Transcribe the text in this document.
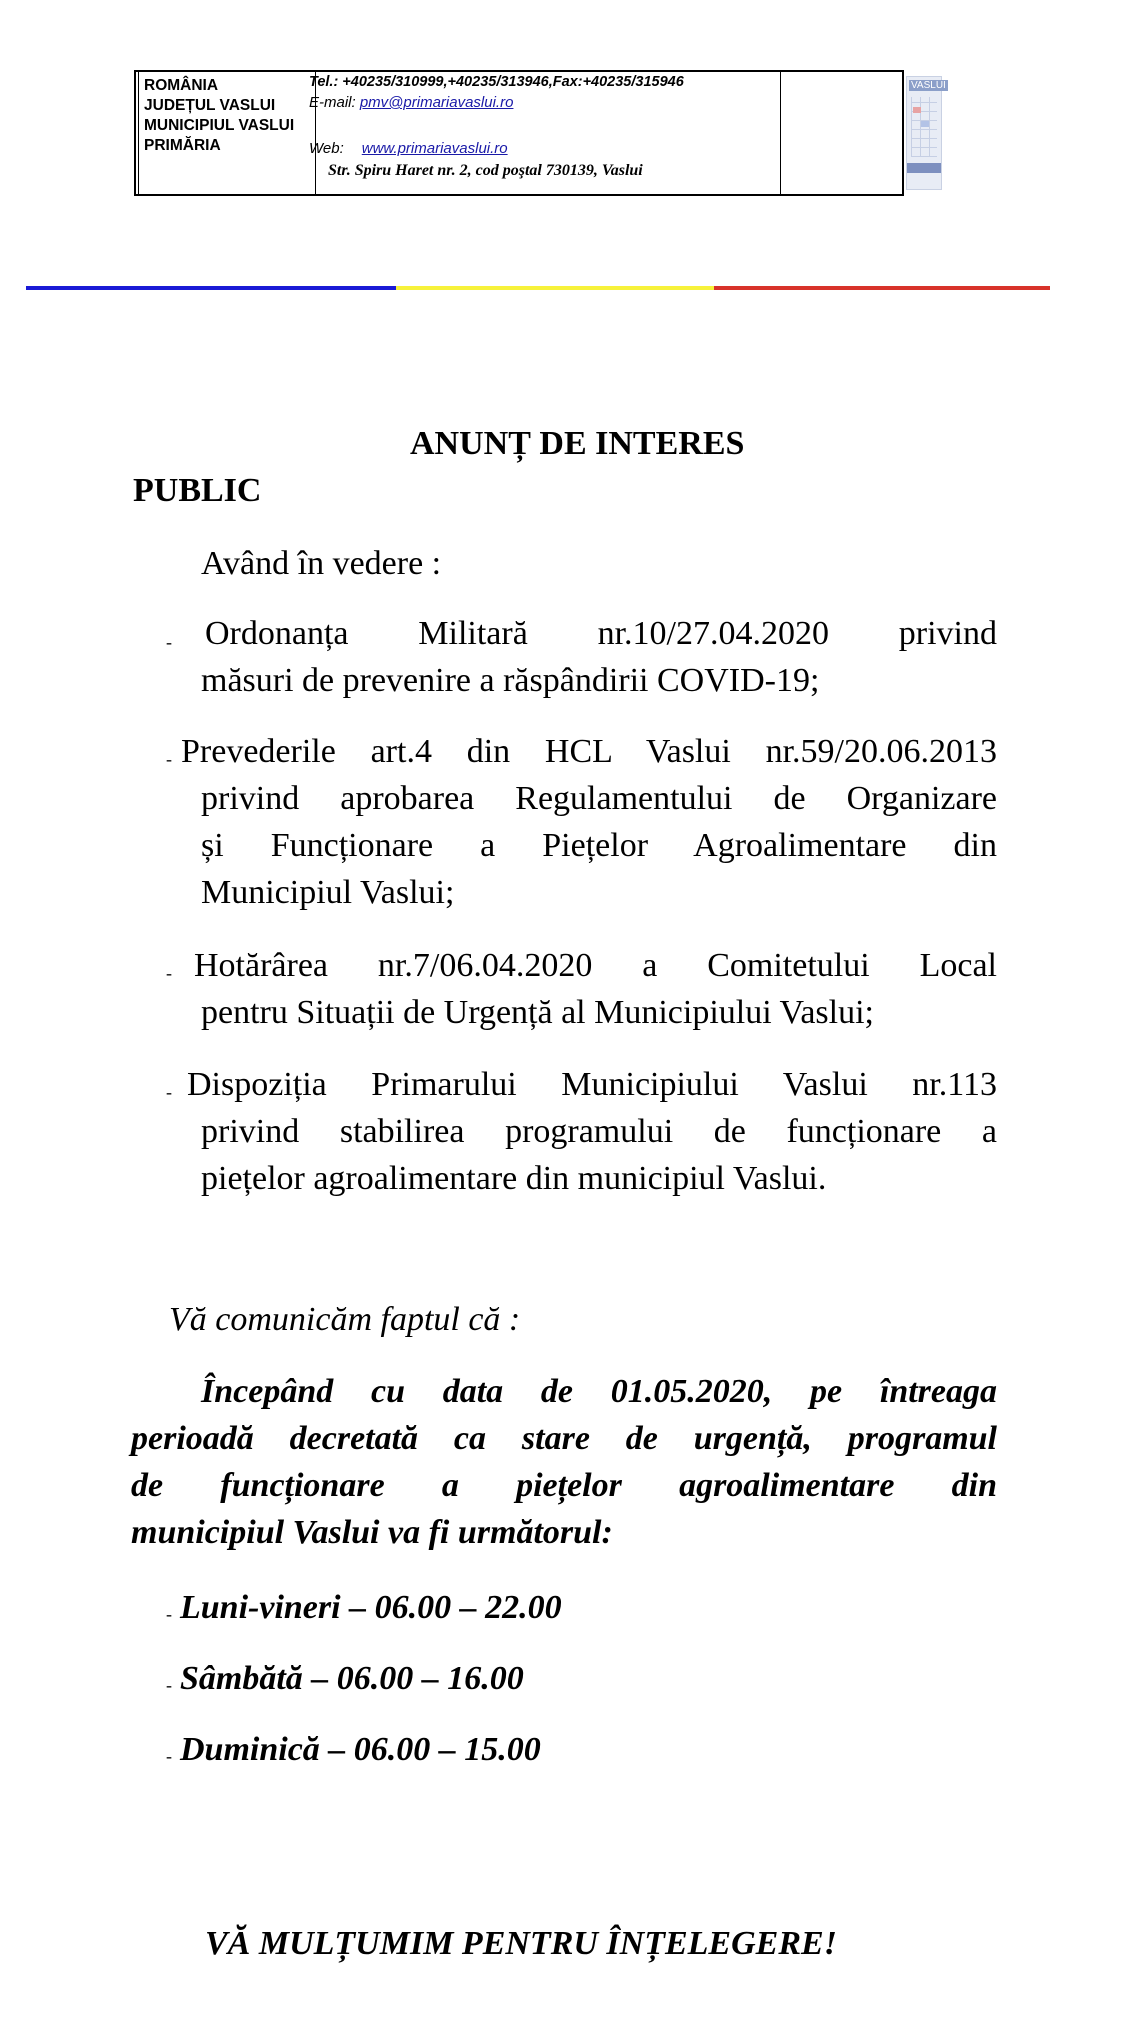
ROMÂNIA
JUDEȚUL VASLUI
MUNICIPIUL VASLUI
PRIMĂRIA
Tel.: +40235/310999,+40235/313946,Fax:+40235/315946
E-mail: pmv@primariavaslui.ro
Web: www.primariavaslui.ro
Str. Spiru Haret nr. 2, cod poştal 730139, Vaslui
VASLUI
ANUNȚ DE INTERES
PUBLIC
Având în vedere :
- Ordonanța Militară nr.10/27.04.2020 privind
măsuri de prevenire a răspândirii COVID-19;
- Prevederile art.4 din HCL Vaslui nr.59/20.06.2013
privind aprobarea Regulamentului de Organizare
și Funcționare a Piețelor Agroalimentare din
Municipiul Vaslui;
- Hotărârea nr.7/06.04.2020 a Comitetului Local
pentru Situații de Urgență al Municipiului Vaslui;
- Dispoziția Primarului Municipiului Vaslui nr.113
privind stabilirea programului de funcționare a
piețelor agroalimentare din municipiul Vaslui.
Vă comunicăm faptul că :
Începând cu data de 01.05.2020, pe întreaga
perioadă decretată ca stare de urgență, programul
de funcționare a piețelor agroalimentare din
municipiul Vaslui va fi următorul:
- Luni-vineri – 06.00 – 22.00
- Sâmbătă – 06.00 – 16.00
- Duminică – 06.00 – 15.00
VĂ MULȚUMIM PENTRU ÎNȚELEGERE!
